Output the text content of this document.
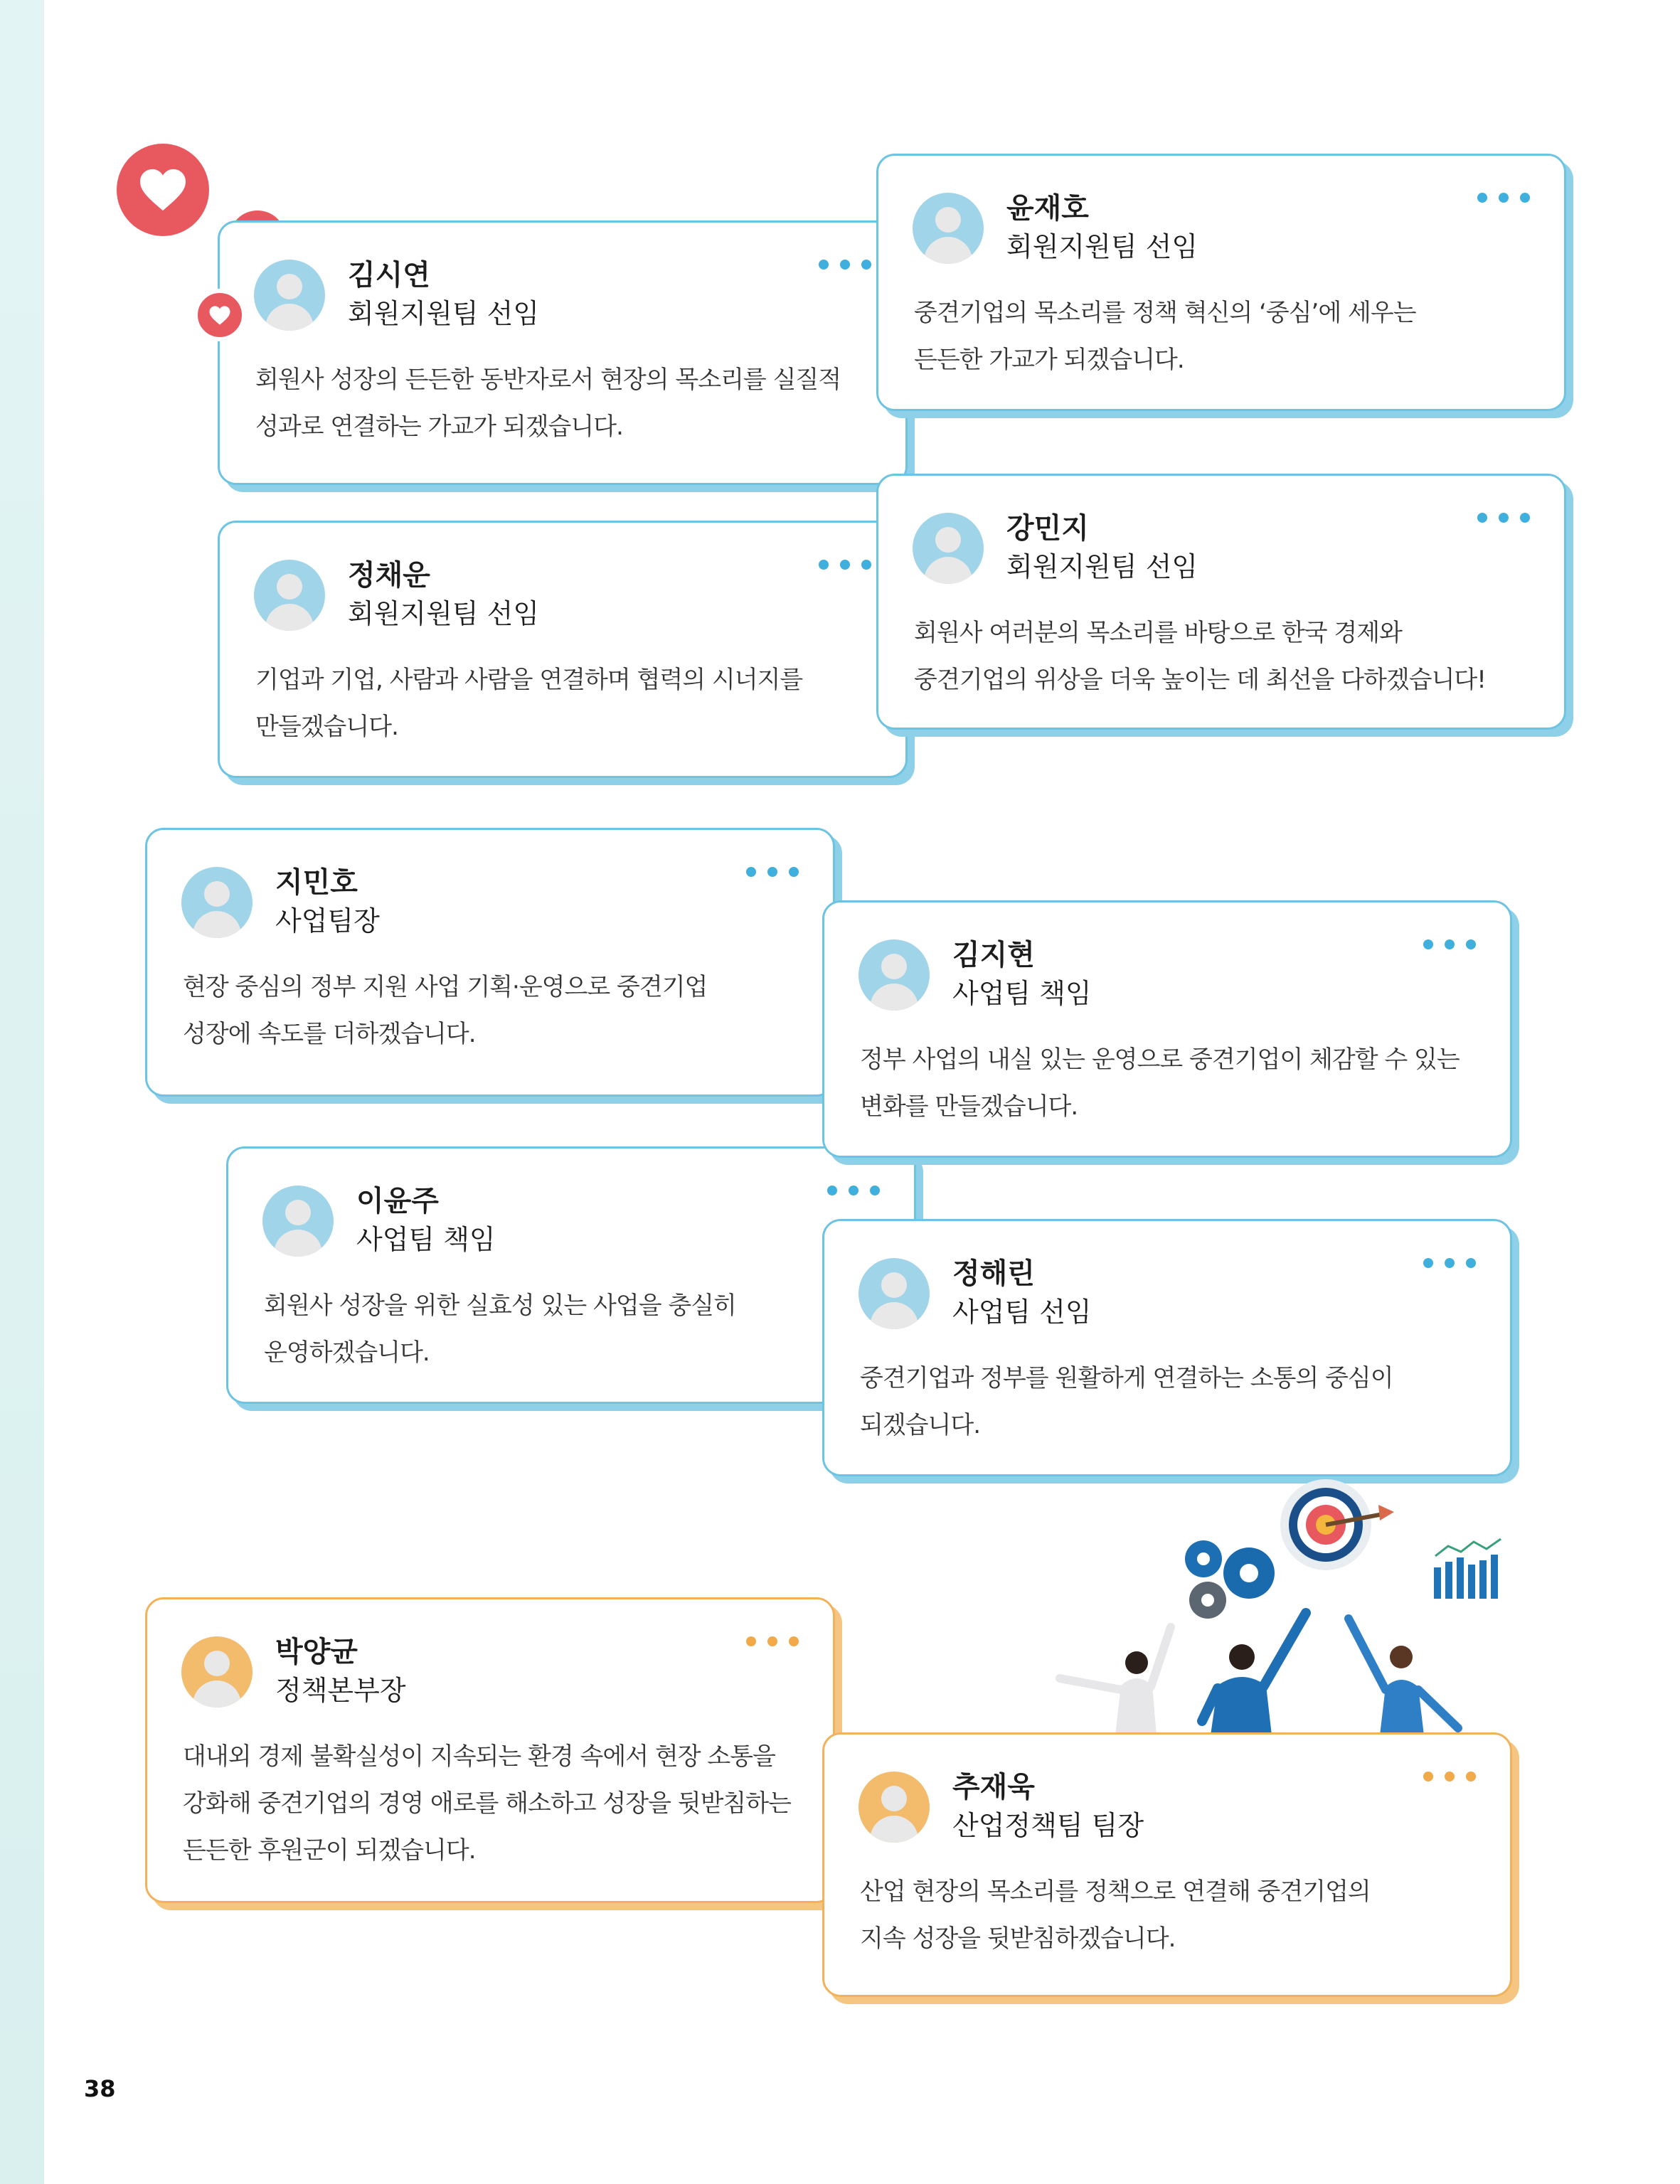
김시연

회원지원팀 선임

회원사 성장의 든든한 동반자로서 현장의 목소리를 실질적
성과로 연결하는 가교가 되겠습니다.

윤재호

회원지원팀 선임

중견기업의 목소리를 정책 혁신의 ‘중심’에 세우는
든든한 가교가 되겠습니다.

정채운

회원지원팀 선임

기업과 기업, 사람과 사람을 연결하며 협력의 시너지를
만들겠습니다.

강민지

회원지원팀 선임

회원사 여러분의 목소리를 바탕으로 한국 경제와
중견기업의 위상을 더욱 높이는 데 최선을 다하겠습니다!

지민호

사업팀장

현장 중심의 정부 지원 사업 기획·운영으로 중견기업
성장에 속도를 더하겠습니다.

이윤주

사업팀 책임

회원사 성장을 위한 실효성 있는 사업을 충실히
운영하겠습니다.

김지현

사업팀 책임

정부 사업의 내실 있는 운영으로 중견기업이 체감할 수 있는
변화를 만들겠습니다.

정해린

사업팀 선임

중견기업과 정부를 원활하게 연결하는 소통의 중심이
되겠습니다.

박양균

정책본부장

대내외 경제 불확실성이 지속되는 환경 속에서 현장 소통을
강화해 중견기업의 경영 애로를 해소하고 성장을 뒷받침하는
든든한 후원군이 되겠습니다.

추재욱

산업정책팀 팀장

산업 현장의 목소리를 정책으로 연결해 중견기업의
지속 성장을 뒷받침하겠습니다.

38
